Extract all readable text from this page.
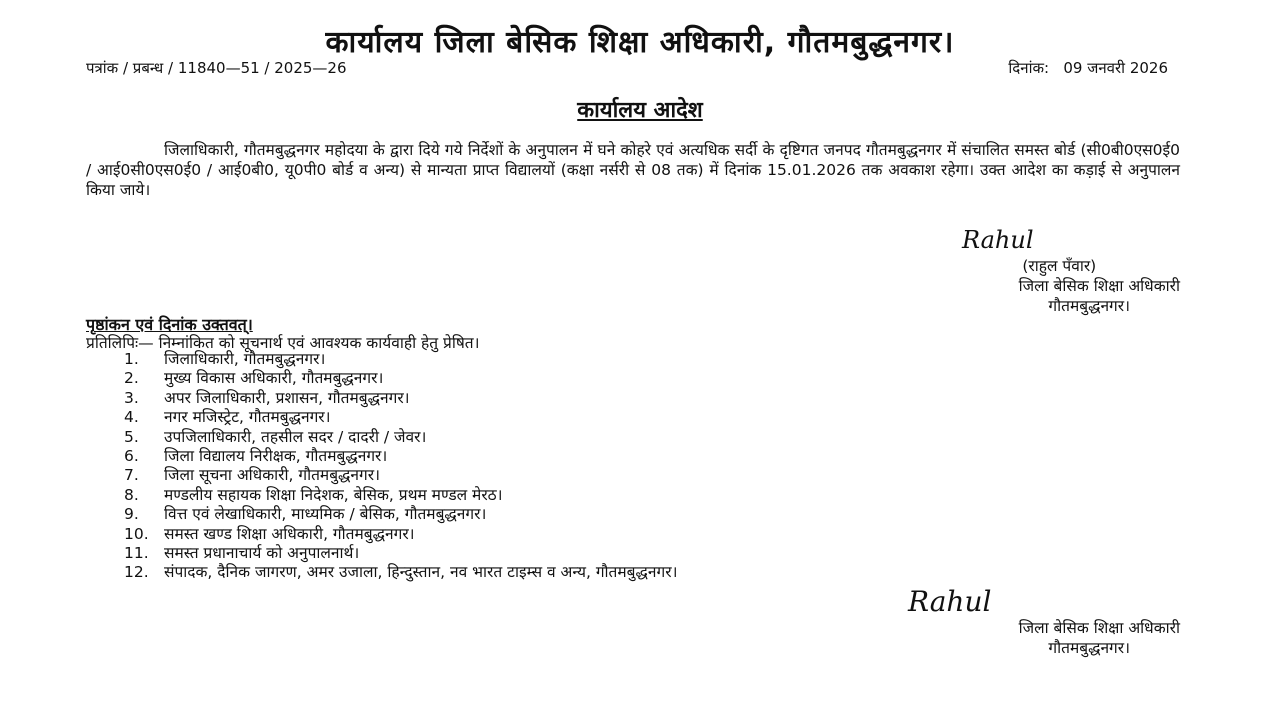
कार्यालय जिला बेसिक शिक्षा अधिकारी, गौतमबुद्धनगर।
पत्रांक / प्रबन्ध / 11840—51 / 2025—26	दिनांक: 09 जनवरी 2026
कार्यालय आदेश
जिलाधिकारी, गौतमबुद्धनगर महोदया के द्वारा दिये गये निर्देशों के अनुपालन में घने कोहरे एवं अत्यधिक सर्दी के दृष्टिगत जनपद गौतमबुद्धनगर में संचालित समस्त बोर्ड (सी0बी0एस0ई0 / आई0सी0एस0ई0 / आई0बी0, यू0पी0 बोर्ड व अन्य) से मान्यता प्राप्त विद्यालयों (कक्षा नर्सरी से 08 तक) में दिनांक 15.01.2026 तक अवकाश रहेगा। उक्त आदेश का कड़ाई से अनुपालन किया जाये।
Rahul
(राहुल पँवार)
जिला बेसिक शिक्षा अधिकारी
गौतमबुद्धनगर।
पृष्ठांकन एवं दिनांक उक्तवत्।
प्रतिलिपिः— निम्नांकित को सूचनार्थ एवं आवश्यक कार्यवाही हेतु प्रेषित।
1. जिलाधिकारी, गौतमबुद्धनगर।
2. मुख्य विकास अधिकारी, गौतमबुद्धनगर।
3. अपर जिलाधिकारी, प्रशासन, गौतमबुद्धनगर।
4. नगर मजिस्ट्रेट, गौतमबुद्धनगर।
5. उपजिलाधिकारी, तहसील सदर / दादरी / जेवर।
6. जिला विद्यालय निरीक्षक, गौतमबुद्धनगर।
7. जिला सूचना अधिकारी, गौतमबुद्धनगर।
8. मण्डलीय सहायक शिक्षा निदेशक, बेसिक, प्रथम मण्डल मेरठ।
9. वित्त एवं लेखाधिकारी, माध्यमिक / बेसिक, गौतमबुद्धनगर।
10. समस्त खण्ड शिक्षा अधिकारी, गौतमबुद्धनगर।
11. समस्त प्रधानाचार्य को अनुपालनार्थ।
12. संपादक, दैनिक जागरण, अमर उजाला, हिन्दुस्तान, नव भारत टाइम्स व अन्य, गौतमबुद्धनगर।
Rahul
जिला बेसिक शिक्षा अधिकारी
गौतमबुद्धनगर।
